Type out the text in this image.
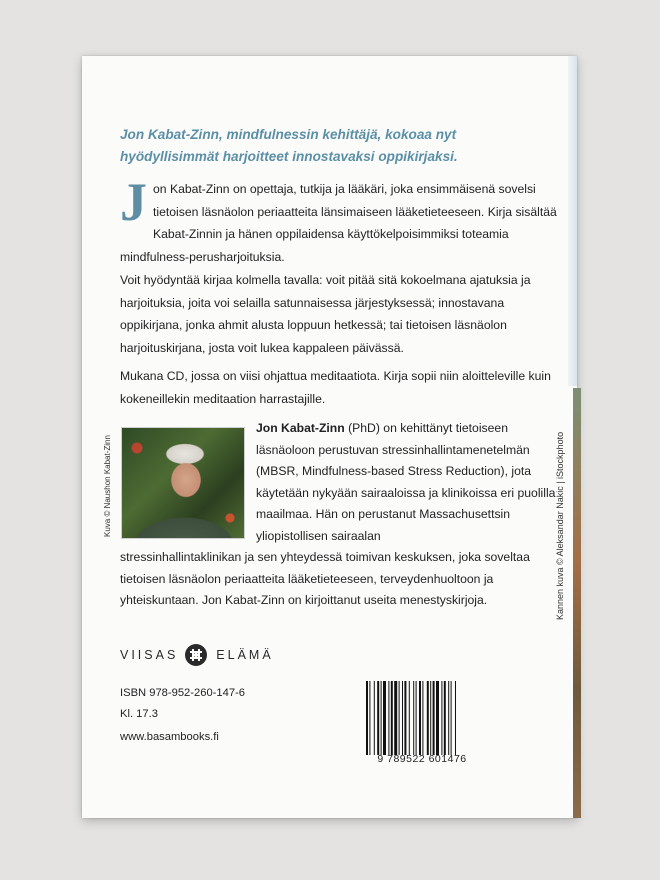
Jon Kabat-Zinn, mindfulnessin kehittäjä, kokoaa nyt
hyödyllisimmät harjoitteet innostavaksi oppikirjaksi.

Jon Kabat-Zinn on opettaja, tutkija ja lääkäri, joka ensimmäisenä sovelsi tietoisen läsnäolon periaatteita länsimaiseen lääketieteeseen. Kirja sisältää Kabat-Zinnin ja hänen oppilaidensa käyttökelpoisimmiksi toteamia mindfulness-perusharjoituksia.

Voit hyödyntää kirjaa kolmella tavalla: voit pitää sitä kokoelmana ajatuksia ja harjoituksia, joita voi selailla satunnaisessa järjestyksessä; innostavana oppikirjana, jonka ahmit alusta loppuun hetkessä; tai tietoisen läsnäolon harjoituskirjana, josta voit lukea kappaleen päivässä.

Mukana CD, jossa on viisi ohjattua meditaatiota. Kirja sopii niin aloitteleville kuin kokeneillekin meditaation harrastajille.

Kuva © Naushon Kabat-Zinn

Jon Kabat-Zinn (PhD) on kehittänyt tietoiseen läsnäoloon perustuvan stressinhallintamenetelmän (MBSR, Mindfulness-based Stress Reduction), jota käytetään nykyään sairaaloissa ja klinikoissa eri puolilla maailmaa. Hän on perustanut Massachusettsin yliopistollisen sairaalan

stressinhallintaklinikan ja sen yhteydessä toimivan keskuksen, joka soveltaa tietoisen läsnäolon periaatteita lääketieteeseen, terveydenhuoltoon ja yhteiskuntaan. Jon Kabat-Zinn on kirjoittanut useita menestyskirjoja.	Kannen kuva © Aleksandar Nakic | iStockphoto
VIISAS	ELÄMÄ
ISBN 978-952-260-147-6
Kl. 17.3
www.basambooks.fi
9 789522 601476
